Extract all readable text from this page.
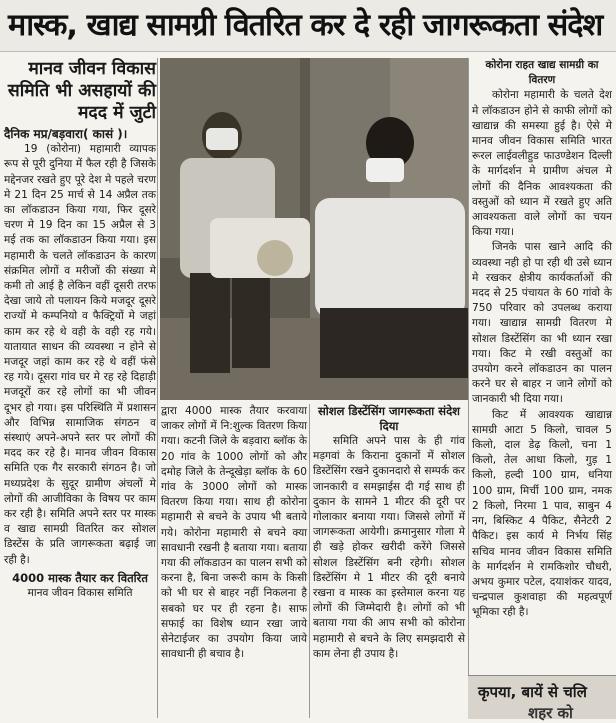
मास्क, खाद्य सामग्री वितरित कर दे रही जागरूकता संदेश
मानव जीवन विकास समिति भी असहायों की मदद में जुटी
दैनिक मप्र/बड़वारा( कासं )।

19 (कोरोना) महामारी व्यापक रूप से पूरी दुनिया में फैल रही है जिसके मद्देनजर रखते हुए पूरे देश मे पहले चरण मे 21 दिन 25 मार्च से 14 अप्रैल तक का लॉकडाउन किया गया, फिर दूसरे चरण मे 19 दिन का 15 अप्रैल से 3 मई तक का लॉकडाउन किया गया। इस महामारी के चलते लॉकडाउन के कारण संक्रमित लोगों व मरीजों की संख्या मे कमी तो आई है लेकिन वहीं दूसरी तरफ देखा जाये तो पलायन किये मजदूर दूसरे राज्यों मे कम्पनियो व फैक्ट्रियों मे जहां काम कर रहे थे वही के वही रह गये। यातायात साधन की व्यवस्था न होने से मजदूर जहां काम कर रहे थे वहीं फंसे रह गये। दूसरा गांव घर मे रह रहे दिहाड़ी मजदूरों कर रहे लोगों का भी जीवन दूभर हो गया। इस परिस्थिति में प्रशासन और विभिन्न सामाजिक संगठन व संस्थाएं अपने-अपने स्तर पर लोगों की मदद कर रहे है। मानव जीवन विकास समिति एक गैर सरकारी संगठन है। जो मध्यप्रदेश के सुदूर ग्रामीण अंचलों मे लोगों की आजीविका के विषय पर काम कर रही है। समिति अपने स्तर पर मास्क व खाद्य सामग्री वितरित कर सोशल डिस्टेंस के प्रति जागरूकता बढ़ाई जा रही है।

4000 मास्क तैयार कर वितरित

मानव जीवन विकास समिति

द्वारा 4000 मास्क तैयार करवाया जाकर लोगों में नि:शुल्क वितरण किया गया। कटनी जिले के बड़वारा ब्लॉक के 20 गांव के 1000 लोगों को और दमोह जिले के तेन्दूखेड़ा ब्लॉक के 60 गांव के 3000 लोगों को मास्क वितरण किया गया। साथ ही कोरोना महामारी से बचने के उपाय भी बताये गये। कोरोना महामारी से बचने क्या सावधानी रखनी है बताया गया। बताया गया की लॉकडाउन का पालन सभी को करना है, बिना जरूरी काम के किसी को भी घर से बाहर नहीं निकलना है सबको घर पर ही रहना है। साफ सफाई का विशेष ध्यान रखा जाये सेनेटाईजर का उपयोग किया जाये सावधानी ही बचाव है।

सोशल डिस्टेंसिंग जागरूकता संदेश दिया

समिति अपने पास के ही गांव मड़गवां के किराना दुकानों में सोशल डिस्टेंसिंग रखने दुकानदारो से सम्पर्क कर जानकारी व समझाईस दी गई साथ ही दुकान के सामने 1 मीटर की दूरी पर गोलाकार बनाया गया। जिससे लोगों में जागरूकता आयेगी। क्रमानुसार गोला मे ही खड़े होकर खरीदी करेंगे जिससे सोशल डिस्टेंसिंग बनी रहेगी। सोशल डिस्टेंसिंग मे 1 मीटर की दूरी बनाये रखना व मास्क का इस्तेमाल करना यह लोगों की जिम्मेदारी है। लोगों को भी बताया गया की आप सभी को कोरोना महामारी से बचने के लिए समझदारी से काम लेना ही उपाय है।

कोरोना राहत खाद्य सामग्री का वितरण

कोरोना महामारी के चलते देश मे लॉकडाउन होने से काफी लोगों को खाद्यान्न की समस्या हुई है। ऐसे मे मानव जीवन विकास समिति भारत रूरल लाईवलीहुड फाउण्डेशन दिल्ली के मार्गदर्शन मे ग्रामीण अंचल मे लोगों की दैनिक आवश्यकता की वस्तुओं को ध्यान में रखते हुए अति आवश्यकता वाले लोगों का चयन किया गया।

जिनके पास खाने आदि की व्यवस्था नही हो पा रही थी उसे ध्यान मे रखकर क्षेत्रीय कार्यकर्ताओं की मदद से 25 पंचायत के 60 गांवो के 750 परिवार को उपलब्ध कराया गया। खाद्यान्न सामग्री वितरण मे सोशल डिस्टेंसिंग का भी ध्यान रखा गया। किट मे रखी वस्तुओं का उपयोग करने लॉकडाउन का पालन करने घर से बाहर न जाने लोगों को जानकारी भी दिया गया।

किट में आवश्यक खाद्यान्न सामग्री आटा 5 किलो, चावल 5 किलो, दाल डेढ़ किलो, चना 1 किलो, तेल आधा किलो, गुड़ 1 किलो, हल्दी 100 ग्राम, धनिया 100 ग्राम, मिर्ची 100 ग्राम, नमक 2 किलो, निरमा 1 पाव, साबुन 4 नग, बिस्किट 4 पैकिट, सैनेटरी 2 पैकिट। इस कार्य मे निर्भय सिंह सचिव मानव जीवन विकास समिति के मार्गदर्शन मे रामकिशोर चौधरी, अभय कुमार पटेल, दयाशंकर यादव, चन्द्रपाल कुशवाहा की महत्वपूर्ण भूमिका रही है।

कृपया, बायें से चलि
शहर को
